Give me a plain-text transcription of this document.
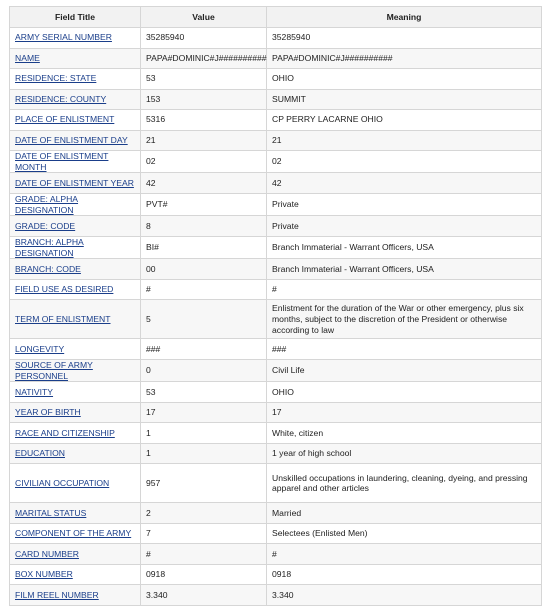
Field Title	Value	Meaning
ARMY SERIAL NUMBER	35285940	35285940
NAME	PAPA#DOMINIC#J##########	PAPA#DOMINIC#J##########
RESIDENCE: STATE	53	OHIO
RESIDENCE: COUNTY	153	SUMMIT
PLACE OF ENLISTMENT	5316	CP PERRY LACARNE OHIO
DATE OF ENLISTMENT DAY	21	21
DATE OF ENLISTMENT MONTH	02	02
DATE OF ENLISTMENT YEAR	42	42
GRADE: ALPHA DESIGNATION	PVT#	Private
GRADE: CODE	8	Private
BRANCH: ALPHA DESIGNATION	BI#	Branch Immaterial - Warrant Officers, USA
BRANCH: CODE	00	Branch Immaterial - Warrant Officers, USA
FIELD USE AS DESIRED	#	#
TERM OF ENLISTMENT	5	Enlistment for the duration of the War or other emergency, plus six months, subject to the discretion of the President or otherwise according to law
LONGEVITY	###	###
SOURCE OF ARMY PERSONNEL	0	Civil Life
NATIVITY	53	OHIO
YEAR OF BIRTH	17	17
RACE AND CITIZENSHIP	1	White, citizen
EDUCATION	1	1 year of high school
CIVILIAN OCCUPATION	957	Unskilled occupations in laundering, cleaning, dyeing, and pressing apparel and other articles
MARITAL STATUS	2	Married
COMPONENT OF THE ARMY	7	Selectees (Enlisted Men)
CARD NUMBER	#	#
BOX NUMBER	0918	0918
FILM REEL NUMBER	3.340	3.340
